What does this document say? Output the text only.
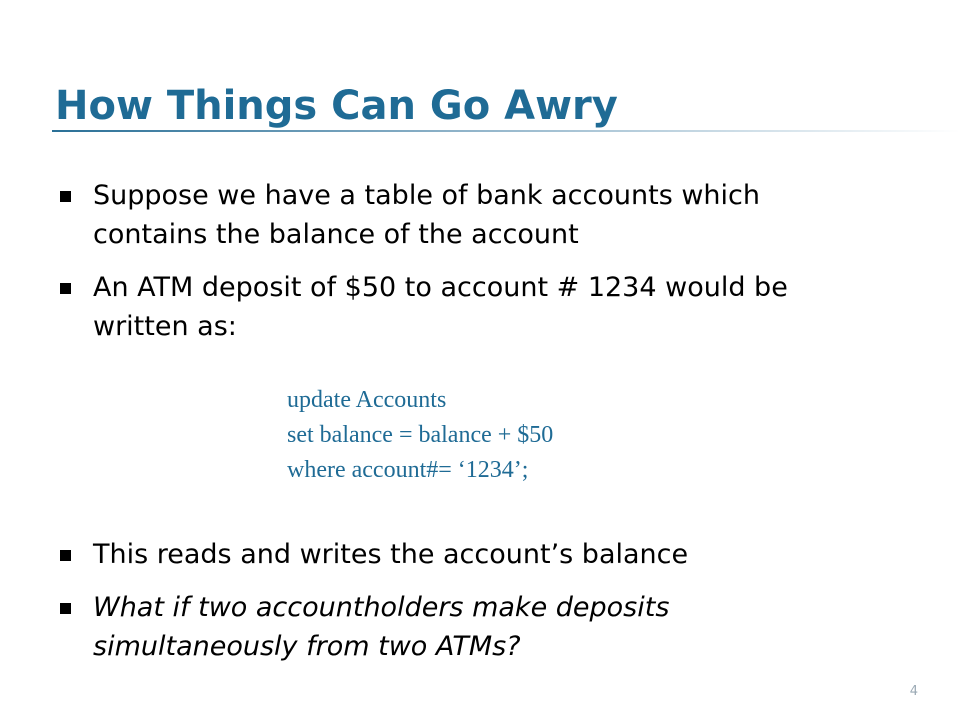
How Things Can Go Awry
Suppose we have a table of bank accounts which contains the balance of the account
An ATM deposit of $50 to account # 1234 would be written as:
update Accounts
set balance = balance + $50
where account#= ‘1234’;
This reads and writes the account’s balance
What if two accountholders make deposits simultaneously from two ATMs?
4
